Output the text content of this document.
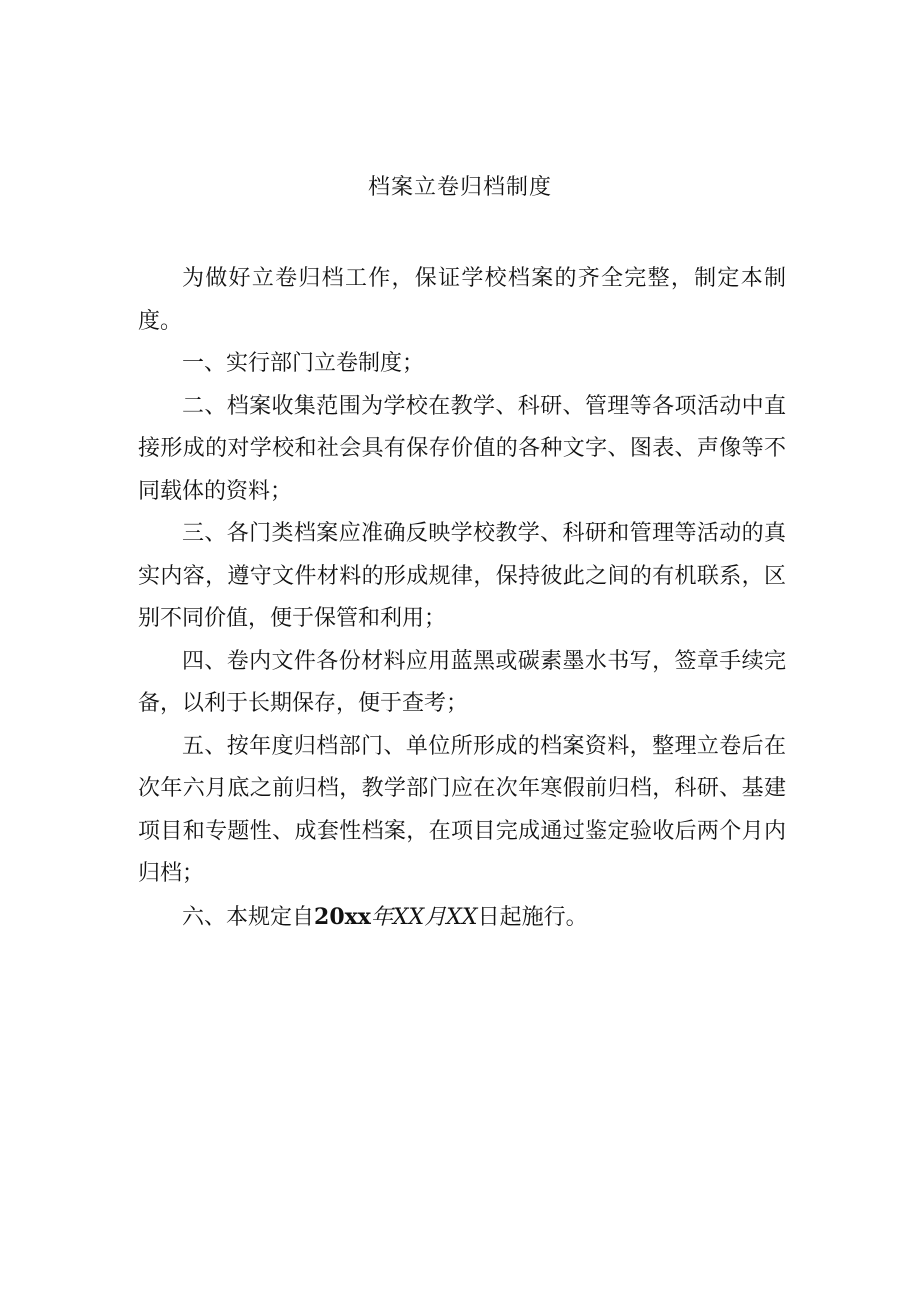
档案立卷归档制度

为做好立卷归档工作，保证学校档案的齐全完整，制定本制度。

一、实行部门立卷制度；

二、档案收集范围为学校在教学、科研、管理等各项活动中直接形成的对学校和社会具有保存价值的各种文字、图表、声像等不同载体的资料；

三、各门类档案应准确反映学校教学、科研和管理等活动的真实内容，遵守文件材料的形成规律，保持彼此之间的有机联系，区别不同价值，便于保管和利用；

四、卷内文件各份材料应用蓝黑或碳素墨水书写，签章手续完备，以利于长期保存，便于查考；

五、按年度归档部门、单位所形成的档案资料，整理立卷后在次年六月底之前归档，教学部门应在次年寒假前归档，科研、基建项目和专题性、成套性档案，在项目完成通过鉴定验收后两个月内归档；

六、本规定自20xx年XX月XX日起施行。
